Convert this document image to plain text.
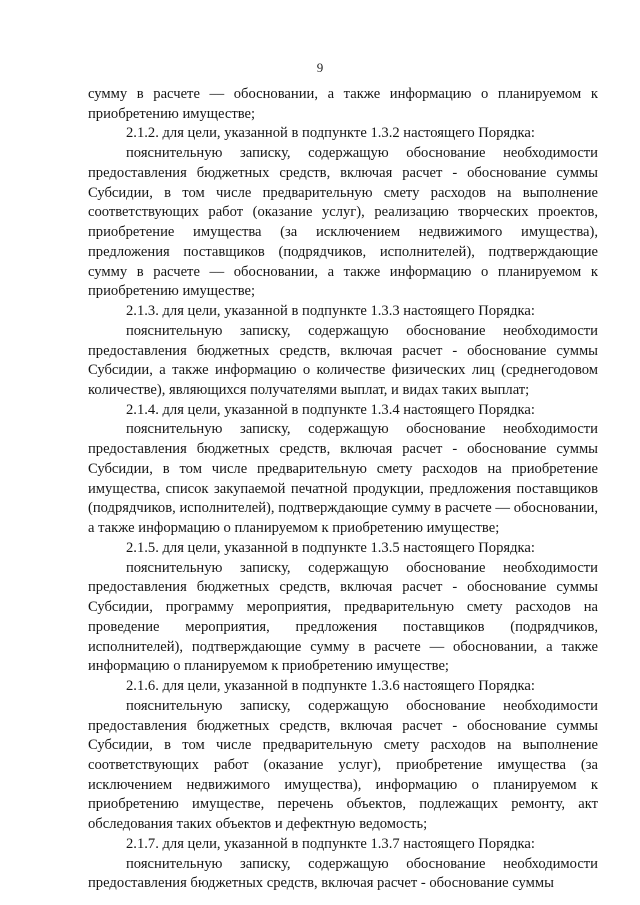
9

сумму в расчете –– обосновании, а также информацию о планируемом к приобретению имуществе;

2.1.2. для цели, указанной в подпункте 1.3.2 настоящего Порядка:

пояснительную записку, содержащую обоснование необходимости предоставления бюджетных средств, включая расчет - обоснование суммы Субсидии, в том числе предварительную смету расходов на выполнение соответствующих работ (оказание услуг), реализацию творческих проектов, приобретение имущества (за исключением недвижимого имущества), предложения поставщиков (подрядчиков, исполнителей), подтверждающие сумму в расчете –– обосновании, а также информацию о планируемом к приобретению имуществе;

2.1.3. для цели, указанной в подпункте 1.3.3 настоящего Порядка:

пояснительную записку, содержащую обоснование необходимости предоставления бюджетных средств, включая расчет - обоснование суммы Субсидии, а также информацию о количестве физических лиц (среднегодовом количестве), являющихся получателями выплат, и видах таких выплат;

2.1.4. для цели, указанной в подпункте 1.3.4 настоящего Порядка:

пояснительную записку, содержащую обоснование необходимости предоставления бюджетных средств, включая расчет - обоснование суммы Субсидии, в том числе предварительную смету расходов на приобретение имущества, список закупаемой печатной продукции, предложения поставщиков (подрядчиков, исполнителей), подтверждающие сумму в расчете — обосновании, а также информацию о планируемом к приобретению имуществе;

2.1.5. для цели, указанной в подпункте 1.3.5 настоящего Порядка:

пояснительную записку, содержащую обоснование необходимости предоставления бюджетных средств, включая расчет - обоснование суммы Субсидии, программу мероприятия, предварительную смету расходов на проведение мероприятия, предложения поставщиков (подрядчиков, исполнителей), подтверждающие сумму в расчете — обосновании, а также информацию о планируемом к приобретению имуществе;

2.1.6. для цели, указанной в подпункте 1.3.6 настоящего Порядка:

пояснительную записку, содержащую обоснование необходимости предоставления бюджетных средств, включая расчет - обоснование суммы Субсидии, в том числе предварительную смету расходов на выполнение соответствующих работ (оказание услуг), приобретение имущества (за исключением недвижимого имущества), информацию о планируемом к приобретению имуществе, перечень объектов, подлежащих ремонту, акт обследования таких объектов и дефектную ведомость;

2.1.7. для цели, указанной в подпункте 1.3.7 настоящего Порядка:

пояснительную записку, содержащую обоснование необходимости предоставления бюджетных средств, включая расчет - обоснование суммы
